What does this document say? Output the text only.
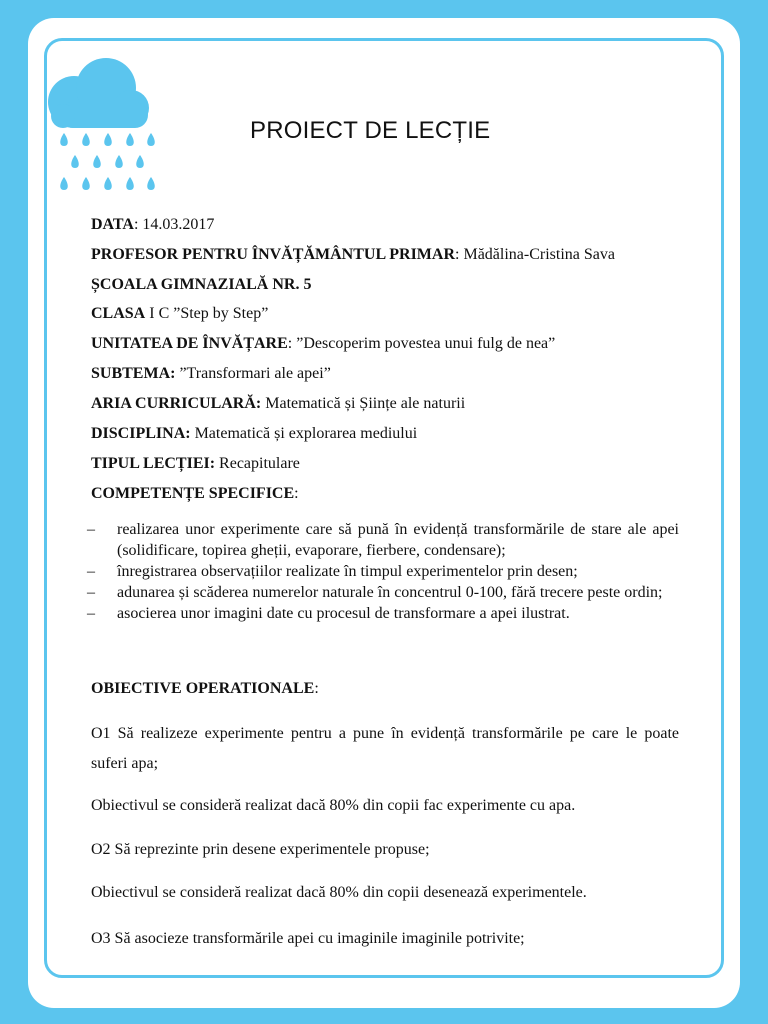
PROIECT DE LECȚIE
DATA: 14.03.2017
PROFESOR PENTRU ÎNVĂȚĂMÂNTUL PRIMAR: Mădălina-Cristina Sava
ȘCOALA GIMNAZIALĂ NR. 5
CLASA I C ”Step by Step”
UNITATEA DE ÎNVĂȚARE: ”Descoperim povestea unui fulg de nea”
SUBTEMA: ”Transformari ale apei”
ARIA CURRICULARĂ: Matematică și Șiințe ale naturii
DISCIPLINA: Matematică și explorarea mediului
TIPUL LECȚIEI: Recapitulare
COMPETENȚE SPECIFICE:
–	realizarea unor experimente care să pună în evidență transformările de stare ale apei (solidificare, topirea gheții, evaporare, fierbere, condensare);
–	înregistrarea observațiilor realizate în timpul experimentelor prin desen;
–	adunarea și scăderea numerelor naturale în concentrul 0-100, fără trecere peste ordin;
–	asocierea unor imagini date cu procesul de transformare a apei ilustrat.
OBIECTIVE OPERATIONALE:
O1 Să realizeze experimente pentru a pune în evidență transformările pe care le poate suferi apa;
Obiectivul se consideră realizat dacă 80% din copii fac experimente cu apa.
O2 Să reprezinte prin desene experimentele propuse;
Obiectivul se consideră realizat dacă 80% din copii desenează experimentele.
O3 Să asocieze transformările apei cu imaginile imaginile potrivite;
